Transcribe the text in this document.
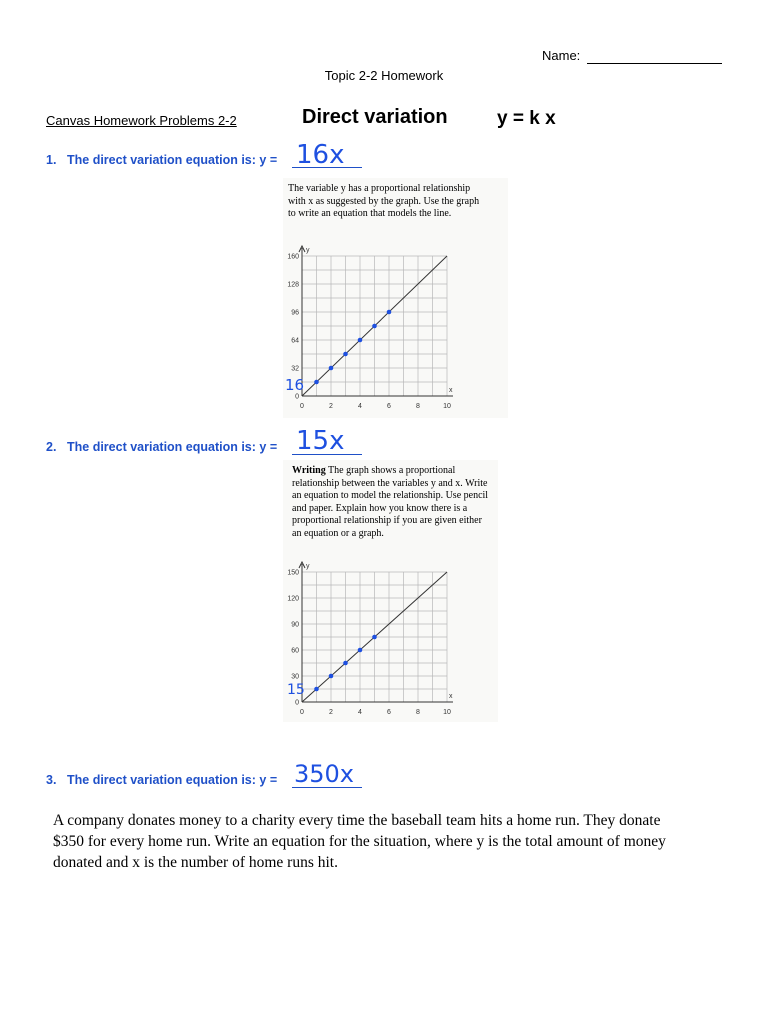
Name:
Topic 2-2 Homework
Canvas Homework Problems 2-2	Direct variation	y = k x
1. The direct variation equation is: y = 16x
The variable y has a proportional relationship
with x as suggested by the graph. Use the graph
to write an equation that models the line.
0	2	4	6	8	10
32
64
96
128
160
0
x
y
16
2. The direct variation equation is: y = 15x
Writing The graph shows a proportional
relationship between the variables y and x. Write
an equation to model the relationship. Use pencil
and paper. Explain how you know there is a
proportional relationship if you are given either
an equation or a graph.
0	2	4	6	8	10
30
60
90
120
150
0
x
y
15
3. The direct variation equation is: y = 350x
A company donates money to a charity every time the baseball team hits a home run. They donate
$350 for every home run. Write an equation for the situation, where y is the total amount of money
donated and x is the number of home runs hit.
